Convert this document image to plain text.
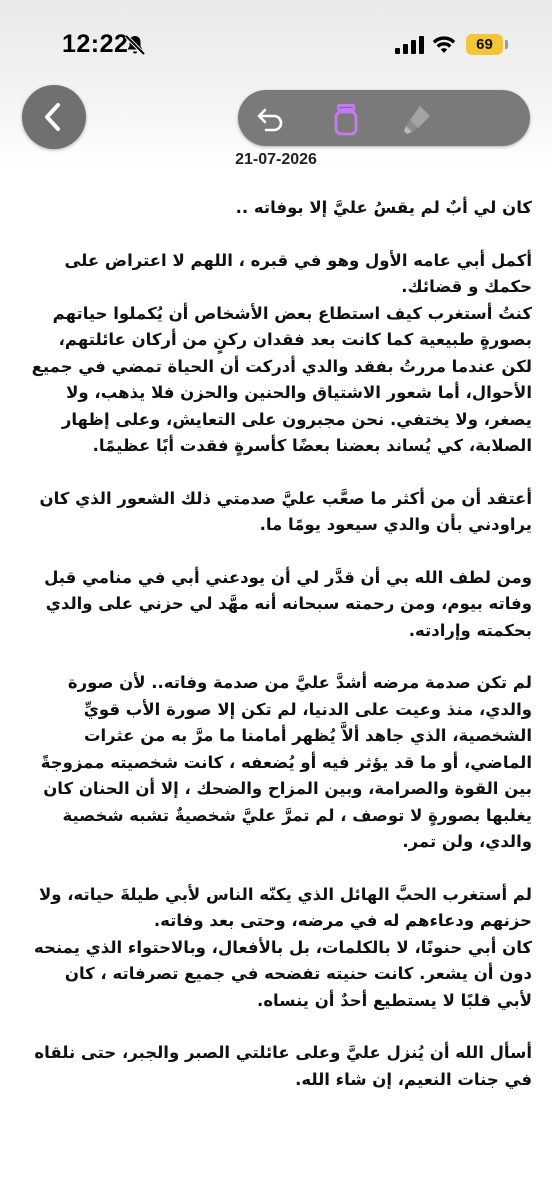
12:22	69
21-07-2026
كان لي أبٌ لم يقسُ عليَّ إلا بوفاته ..
أكمل أبي عامه الأول وهو في قبره ، اللهم لا اعتراض على حكمك و قضائك.
كنتُ أستغرب كيف استطاع بعض الأشخاص أن يُكملوا حياتهم بصورةٍ طبيعية كما كانت بعد فقدان ركنٍ من أركان عائلتهم، لكن عندما مررتُ بفقد والدي أدركت أن الحياة تمضي في جميع الأحوال، أما شعور الاشتياق والحنين والحزن فلا يذهب، ولا يصغر، ولا يختفي. نحن مجبرون على التعايش، وعلى إظهار الصلابة، كي يُساند بعضنا بعضًا كأسرةٍ فقدت أبًا عظيمًا.
أعتقد أن من أكثر ما صعَّب عليَّ صدمتي ذلك الشعور الذي كان يراودني بأن والدي سيعود يومًا ما.
ومن لطف الله بي أن قدَّر لي أن يودعني أبي في منامي قبل وفاته بيوم، ومن رحمته سبحانه أنه مهَّد لي حزني على والدي بحكمته وإرادته.
لم تكن صدمة مرضه أشدَّ عليَّ من صدمة وفاته.. لأن صورة والدي، منذ وعيت على الدنيا، لم تكن إلا صورة الأب قويِّ الشخصية، الذي جاهد ألاَّ يُظهر أمامنا ما مرَّ به من عثرات الماضي، أو ما قد يؤثر فيه أو يُضعفه ، كانت شخصيته ممزوجةً بين القوة والصرامة، وبين المزاح والضحك ، إلا أن الحنان كان يغلبها بصورةٍ لا توصف ، لم تمرَّ عليَّ شخصيةٌ تشبه شخصية والدي، ولن تمر.
لم أستغرب الحبَّ الهائل الذي يكنّه الناس لأبي طيلةَ حياته، ولا حزنهم ودعاءهم له في مرضه، وحتى بعد وفاته.
كان أبي حنونًا، لا بالكلمات، بل بالأفعال، وبالاحتواء الذي يمنحه دون أن يشعر. كانت حنيته تفضحه في جميع تصرفاته ، كان لأبي قلبًا لا يستطيع أحدٌ أن ينساه.
أسأل الله أن يُنزل عليَّ وعلى عائلتي الصبر والجبر، حتى نلقاه في جنات النعيم، إن شاء الله.
